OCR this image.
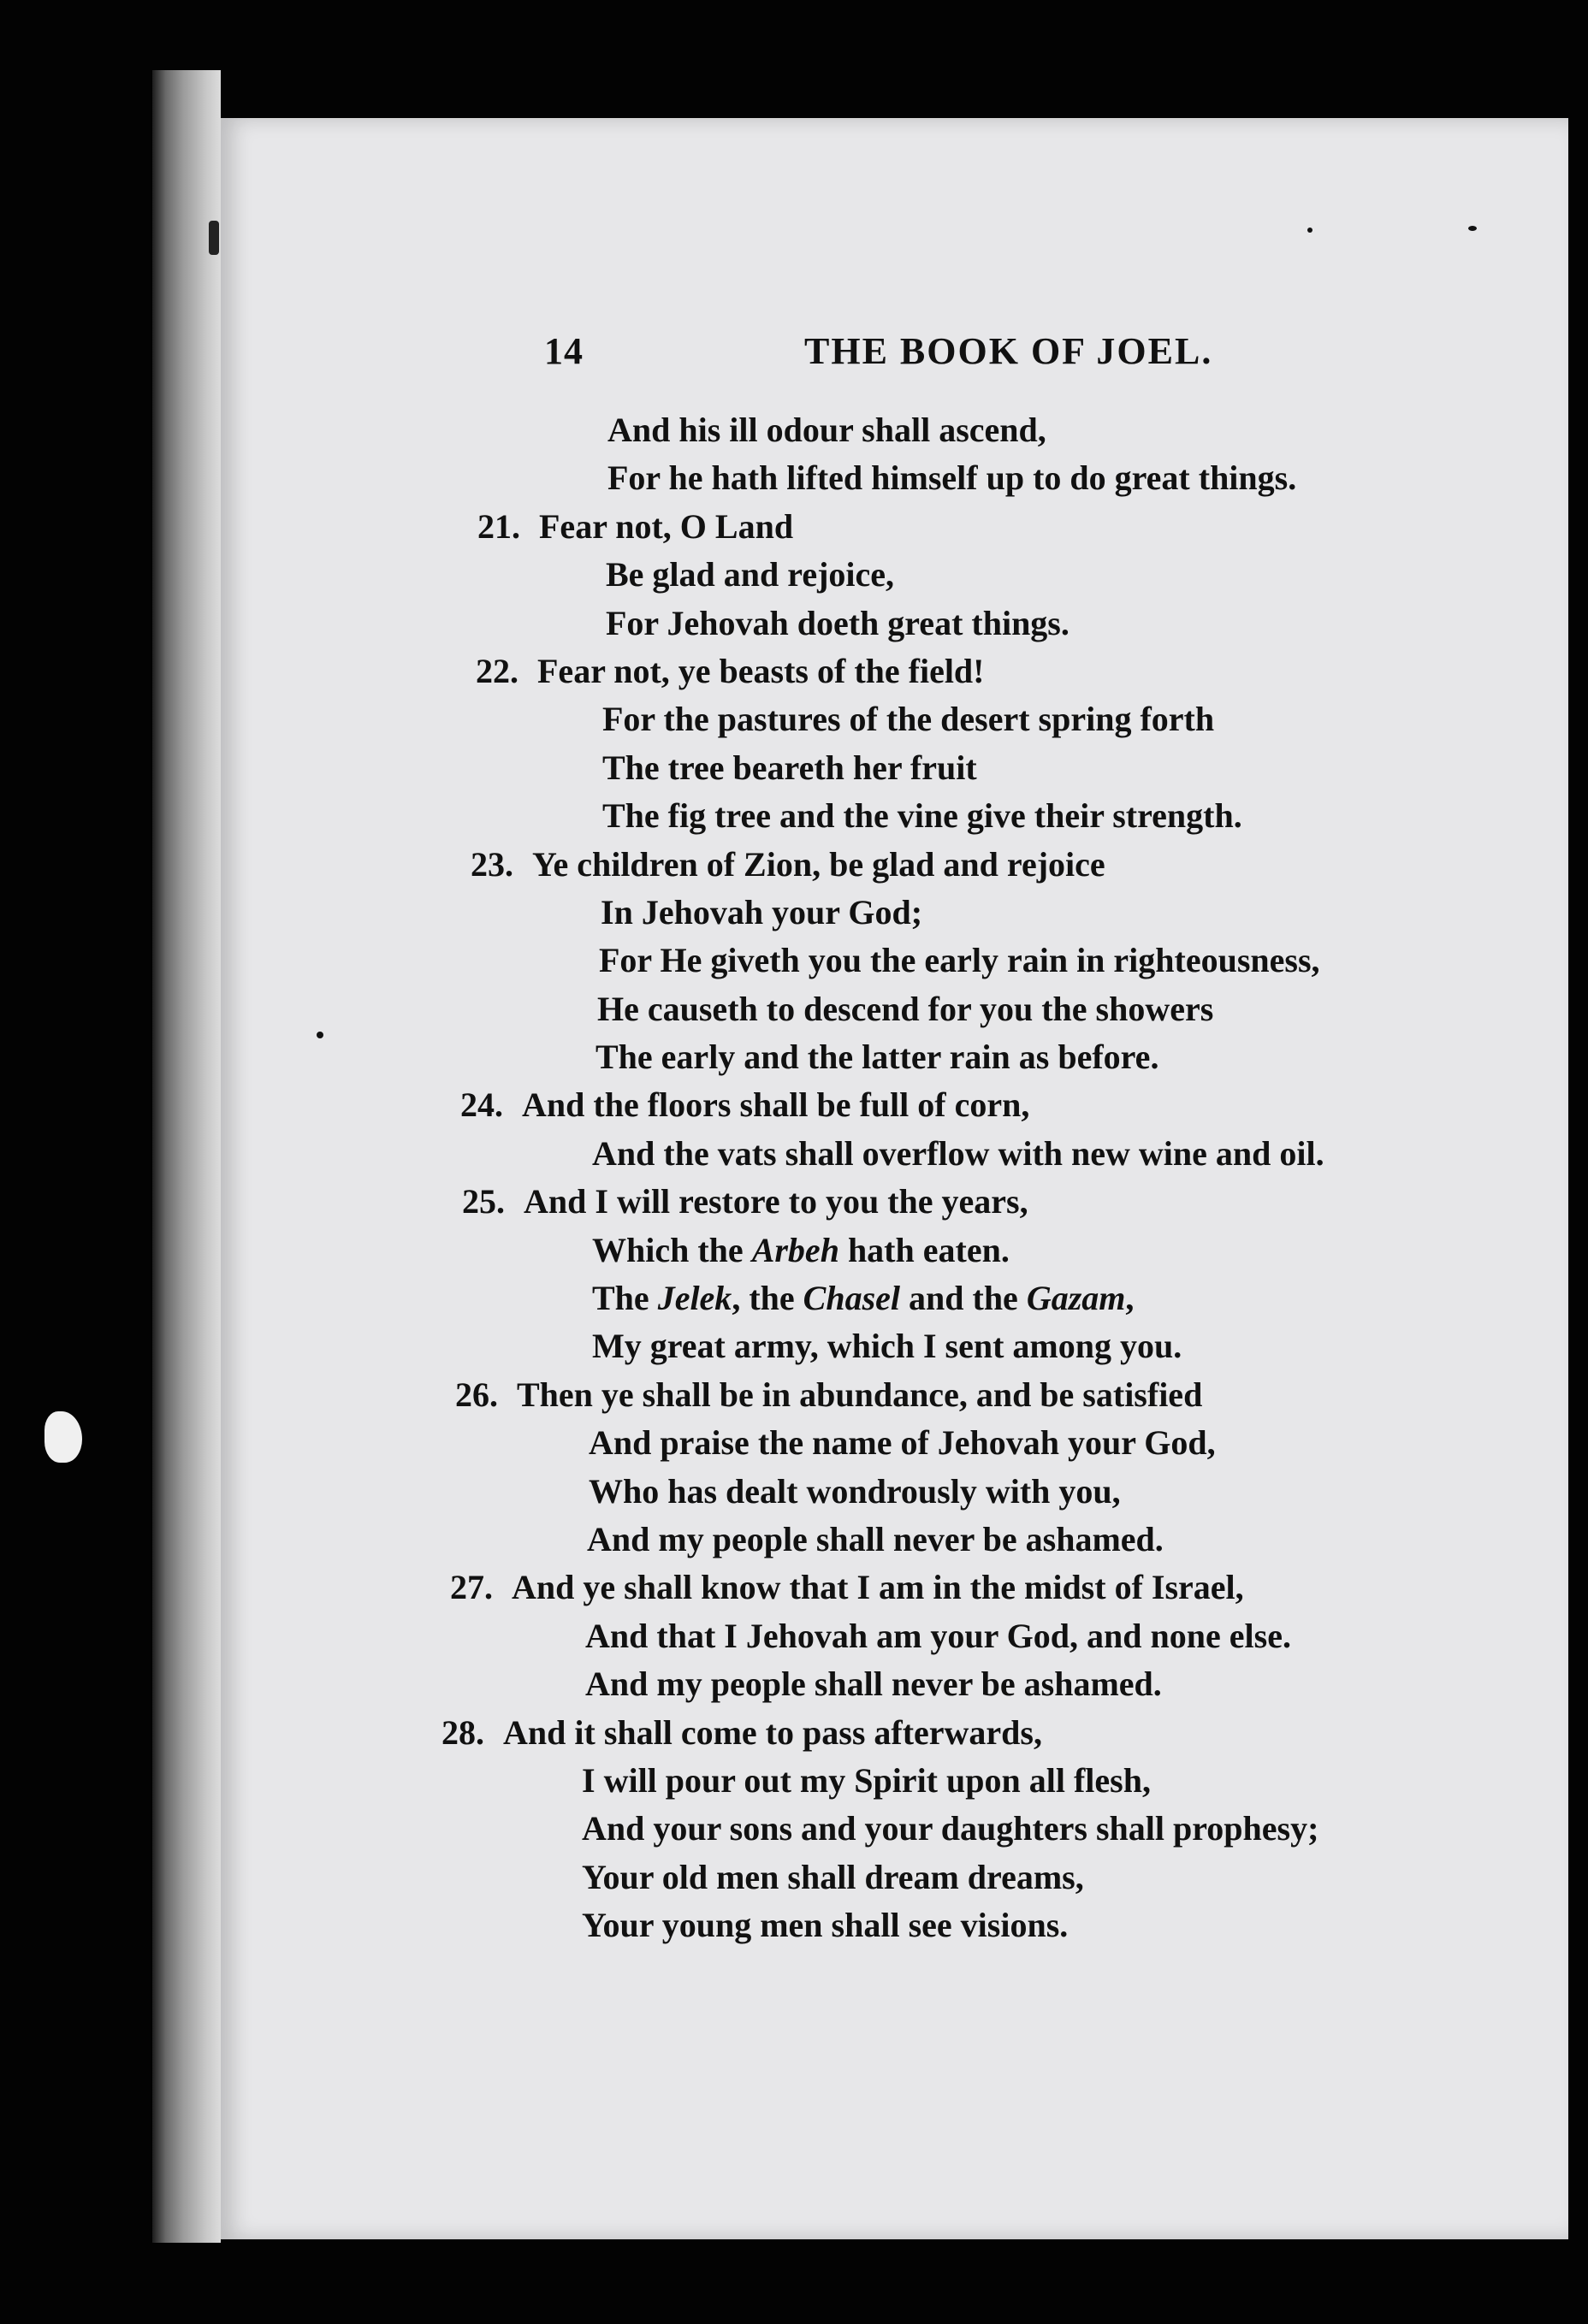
14	THE BOOK OF JOEL.
And his ill odour shall ascend,
For he hath lifted himself up to do great things.
21. Fear not, O Land
Be glad and rejoice,
For Jehovah doeth great things.
22. Fear not, ye beasts of the field!
For the pastures of the desert spring forth
The tree beareth her fruit
The fig tree and the vine give their strength.
23. Ye children of Zion, be glad and rejoice
In Jehovah your God;
For He giveth you the early rain in righteousness,
He causeth to descend for you the showers
The early and the latter rain as before.
24. And the floors shall be full of corn,
And the vats shall overflow with new wine and oil.
25. And I will restore to you the years,
Which the Arbeh hath eaten.
The Jelek, the Chasel and the Gazam,
My great army, which I sent among you.
26. Then ye shall be in abundance, and be satisfied
And praise the name of Jehovah your God,
Who has dealt wondrously with you,
And my people shall never be ashamed.
27. And ye shall know that I am in the midst of Israel,
And that I Jehovah am your God, and none else.
And my people shall never be ashamed.
28. And it shall come to pass afterwards,
I will pour out my Spirit upon all flesh,
And your sons and your daughters shall prophesy;
Your old men shall dream dreams,
Your young men shall see visions.
